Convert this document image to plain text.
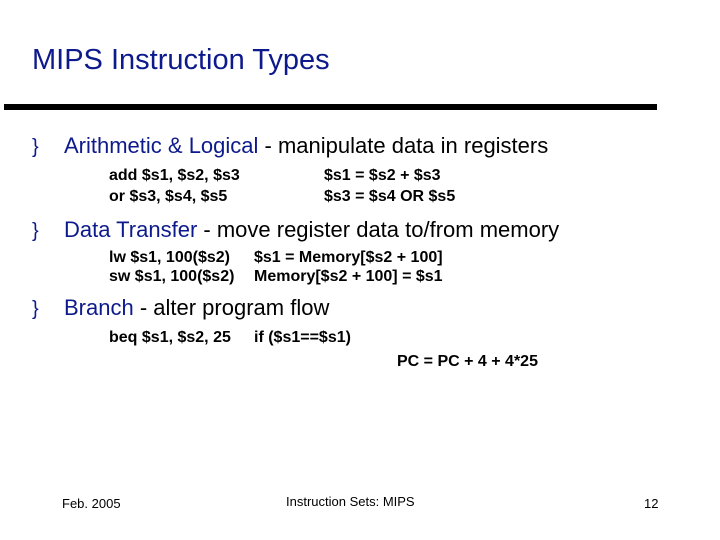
MIPS Instruction Types
} Arithmetic & Logical - manipulate data in registers
add $s1, $s2, $s3	$s1 = $s2 + $s3
or $s3, $s4, $s5	$s3 = $s4 OR $s5
} Data Transfer - move register data to/from memory
lw $s1, 100($s2) $s1 = Memory[$s2 + 100]
sw $s1, 100($s2) Memory[$s2 + 100] = $s1
} Branch - alter program flow
beq $s1, $s2, 25 if ($s1==$s1)
PC = PC + 4 + 4*25
Feb. 2005	Instruction Sets: MIPS	12
